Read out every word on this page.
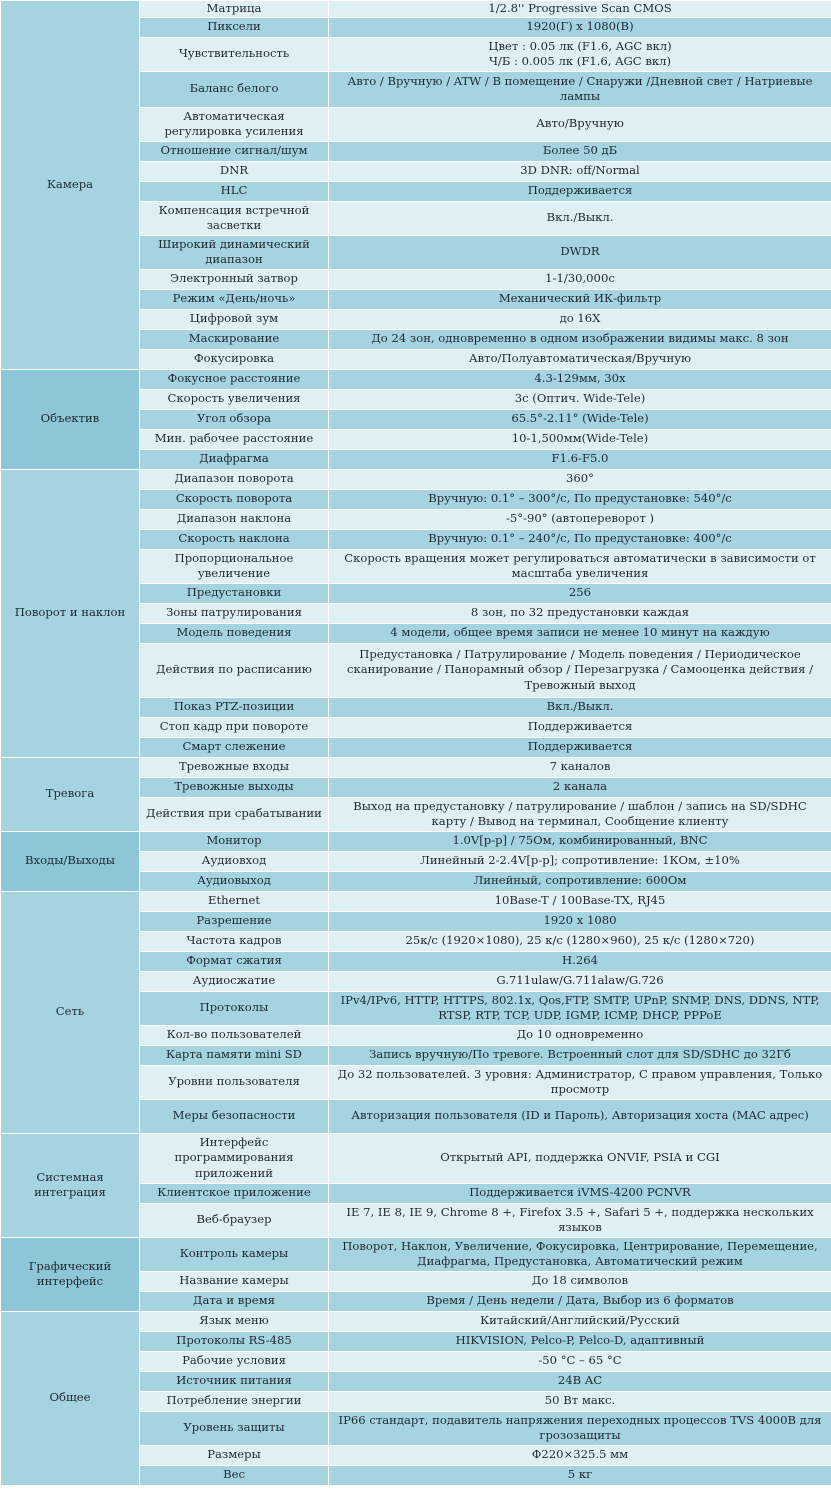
Камера	Матрица	1/2.8'' Progressive Scan CMOS
	Пиксели	1920(Г) x 1080(В)
	Чувствительность	Цвет : 0.05 лк (F1.6, AGC вкл)
Ч/Б : 0.005 лк (F1.6, AGC вкл)
	Баланс белого	Авто / Вручную / ATW / В помещение / Снаружи /Дневной свет / Натриевые лампы
	Автоматическая регулировка усиления	Авто/Вручную
	Отношение сигнал/шум	Более 50 дБ
	DNR	3D DNR: off/Normal
	HLC	Поддерживается
	Компенсация встречной засветки	Вкл./Выкл.
	Широкий динамический диапазон	DWDR
	Электронный затвор	1-1/30,000с
	Режим «День/ночь»	Механический ИК-фильтр
	Цифровой зум	до 16X
	Маскирование	До 24 зон, одновременно в одном изображении видимы макс. 8 зон
	Фокусировка	Авто/Полуавтоматическая/Вручную
Объектив	Фокусное расстояние	4.3-129мм, 30x
	Скорость увеличения	3с (Оптич. Wide-Tele)
	Угол обзора	65.5°-2.11° (Wide-Tele)
	Мин. рабочее расстояние	10-1,500мм(Wide-Tele)
	Диафрагма	F1.6-F5.0
Поворот и наклон	Диапазон поворота	360°
	Скорость поворота	Вручную: 0.1° – 300°/с, По предустановке: 540°/с
	Диапазон наклона	-5°-90° (автопереворот )
	Скорость наклона	Вручную: 0.1° – 240°/с, По предустановке: 400°/с
	Пропорциональное увеличение	Скорость вращения может регулироваться автоматически в зависимости от масштаба увеличения
	Предустановки	256
	Зоны патрулирования	8 зон, по 32 предустановки каждая
	Модель поведения	4 модели, общее время записи не менее 10 минут на каждую
	Действия по расписанию	Предустановка / Патрулирование / Модель поведения / Периодическое сканирование / Панорамный обзор / Перезагрузка / Самооценка действия / Тревожный выход
	Показ PTZ-позиции	Вкл./Выкл.
	Стоп кадр при повороте	Поддерживается
	Смарт слежение	Поддерживается
Тревога	Тревожные входы	7 каналов
	Тревожные выходы	2 канала
	Действия при срабатывании	Выход на предустановку / патрулирование / шаблон / запись на SD/SDHC карту / Вывод на терминал, Сообщение клиенту
Входы/Выходы	Монитор	1.0V[p-p] / 75Ом, комбинированный, BNC
	Аудиовход	Линейный 2-2.4V[p-p]; сопротивление: 1КОм, ±10%
	Аудиовыход	Линейный, сопротивление: 600Ом
Сеть	Ethernet	10Base-T / 100Base-TX, RJ45
	Разрешение	1920 x 1080
	Частота кадров	25к/с (1920×1080), 25 к/с (1280×960), 25 к/с (1280×720)
	Формат сжатия	H.264
	Аудиосжатие	G.711ulaw/G.711alaw/G.726
	Протоколы	IPv4/IPv6, HTTP, HTTPS, 802.1x, Qos,FTP, SMTP, UPnP, SNMP, DNS, DDNS, NTP, RTSP, RTP, TCP, UDP, IGMP, ICMP, DHCP, PPPoE
	Кол-во пользователей	До 10 одновременно
	Карта памяти mini SD	Запись вручную/По тревоге. Встроенный слот для SD/SDHC до 32Гб
	Уровни пользователя	До 32 пользователей. 3 уровня: Администратор, С правом управления, Только просмотр
	Меры безопасности	Авторизация пользователя (ID и Пароль), Авторизация хоста (MAC адрес)
Системная интеграция	Интерфейс программирования приложений	Открытый API, поддержка ONVIF, PSIA и CGI
	Клиентское приложение	Поддерживается iVMS-4200 PCNVR
	Веб-браузер	IE 7, IE 8, IE 9, Chrome 8 +, Firefox 3.5 +, Safari 5 +, поддержка нескольких языков
Графический интерфейс	Контроль камеры	Поворот, Наклон, Увеличение, Фокусировка, Центрирование, Перемещение, Диафрагма, Предустановка, Автоматический режим
	Название камеры	До 18 символов
	Дата и время	Время / День недели / Дата, Выбор из 6 форматов
Общее	Язык меню	Китайский/Английский/Русский
	Протоколы RS-485	HIKVISION, Pelco-P, Pelco-D, адаптивный
	Рабочие условия	-50 °C – 65 °C
	Источник питания	24В AC
	Потребление энергии	50 Вт макс.
	Уровень защиты	IP66 стандарт, подавитель напряжения переходных процессов TVS 4000В для грозозащиты
	Размеры	Φ220×325.5 мм
	Вес	5 кг
